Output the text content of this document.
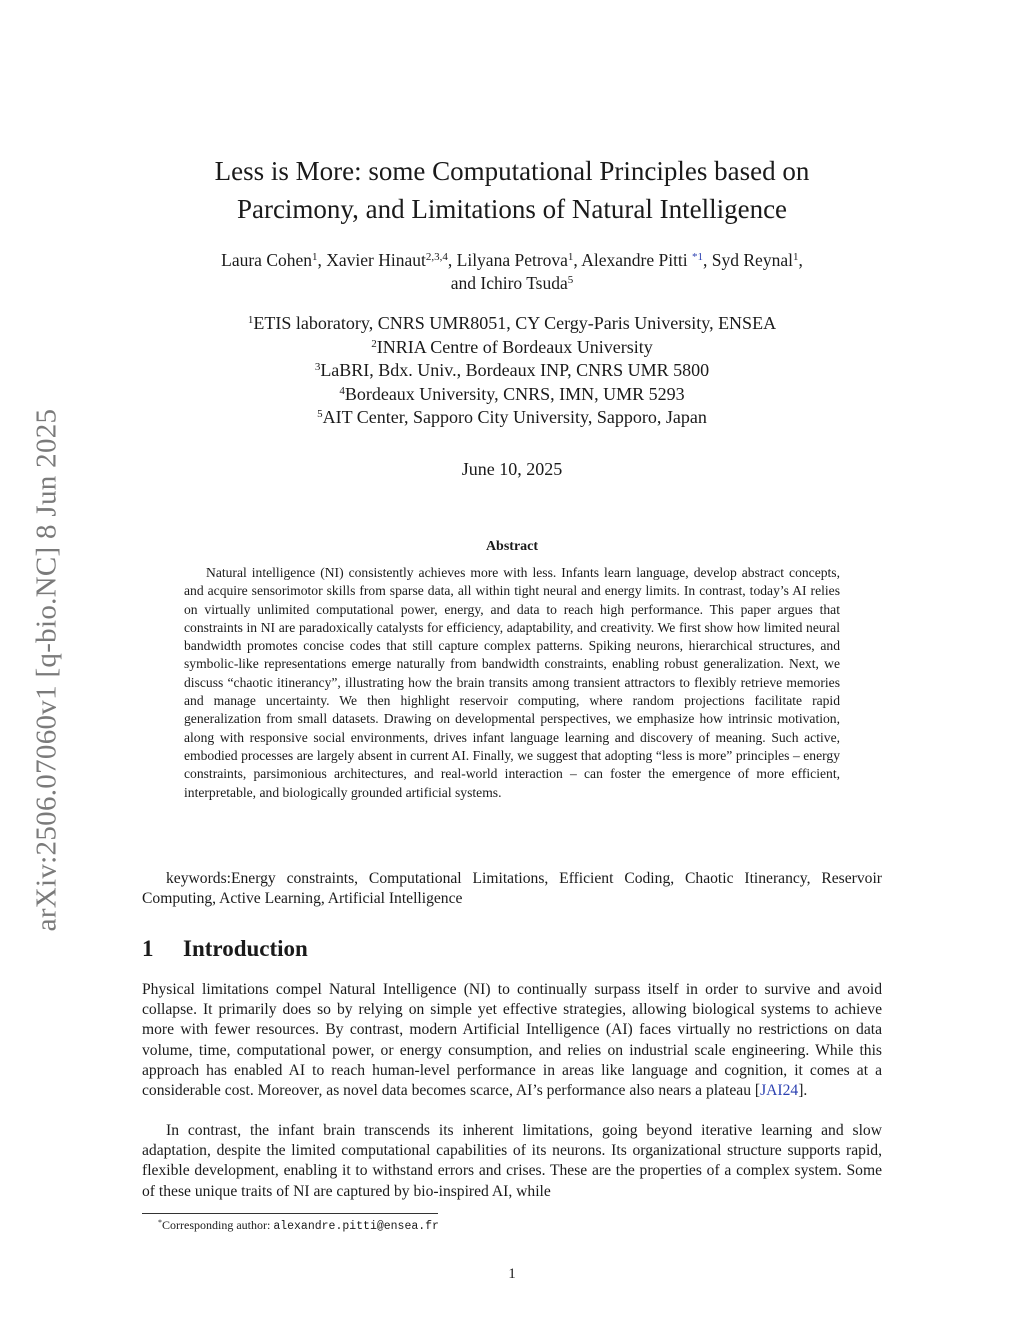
arXiv:2506.07060v1 [q-bio.NC] 8 Jun 2025
Less is More: some Computational Principles based on
Parcimony, and Limitations of Natural Intelligence
Laura Cohen$^1$, Xavier Hinaut$^{2,3,4}$, Lilyana Petrova$^1$, Alexandre Pitti $^{*1}$, Syd Reynal$^1$,
and Ichiro Tsuda$^5$
$^1$ETIS laboratory, CNRS UMR8051, CY Cergy-Paris University, ENSEA
$^2$INRIA Centre of Bordeaux University
$^3$LaBRI, Bdx. Univ., Bordeaux INP, CNRS UMR 5800
$^4$Bordeaux University, CNRS, IMN, UMR 5293
$^5$AIT Center, Sapporo City University, Sapporo, Japan
June 10, 2025
Abstract
Natural intelligence (NI) consistently achieves more with less. Infants learn language, develop abstract concepts, and acquire sensorimotor skills from sparse data, all within tight neural and energy limits. In contrast, today’s AI relies on virtually unlimited computational power, energy, and data to reach high performance. This paper argues that constraints in NI are paradoxically catalysts for efficiency, adaptability, and creativity. We first show how limited neural bandwidth promotes concise codes that still capture complex patterns. Spiking neurons, hierarchical structures, and symbolic-like representations emerge naturally from bandwidth constraints, enabling robust generalization. Next, we discuss “chaotic itinerancy”, illustrating how the brain transits among transient attractors to flexibly retrieve memories and manage uncertainty. We then highlight reservoir computing, where random projections facilitate rapid generalization from small datasets. Drawing on developmental perspectives, we emphasize how intrinsic motivation, along with responsive social environments, drives infant language learning and discovery of meaning. Such active, embodied processes are largely absent in current AI. Finally, we suggest that adopting “less is more” principles – energy constraints, parsimonious architectures, and real-world interaction – can foster the emergence of more efficient, interpretable, and biologically grounded artificial systems.
keywords:Energy constraints, Computational Limitations, Efficient Coding, Chaotic Itinerancy, Reservoir Computing, Active Learning, Artificial Intelligence
1 Introduction
Physical limitations compel Natural Intelligence (NI) to continually surpass itself in order to survive and avoid collapse. It primarily does so by relying on simple yet effective strategies, allowing biological systems to achieve more with fewer resources. By contrast, modern Artificial Intelligence (AI) faces virtually no restrictions on data volume, time, computational power, or energy consumption, and relies on industrial scale engineering. While this approach has enabled AI to reach human-level performance in areas like language and cognition, it comes at a considerable cost. Moreover, as novel data becomes scarce, AI’s performance also nears a plateau [JAI24].
In contrast, the infant brain transcends its inherent limitations, going beyond iterative learning and slow adaptation, despite the limited computational capabilities of its neurons. Its organizational structure supports rapid, flexible development, enabling it to withstand errors and crises. These are the properties of a complex system. Some of these unique traits of NI are captured by bio-inspired AI, while
*Corresponding author: alexandre.pitti@ensea.fr
1
